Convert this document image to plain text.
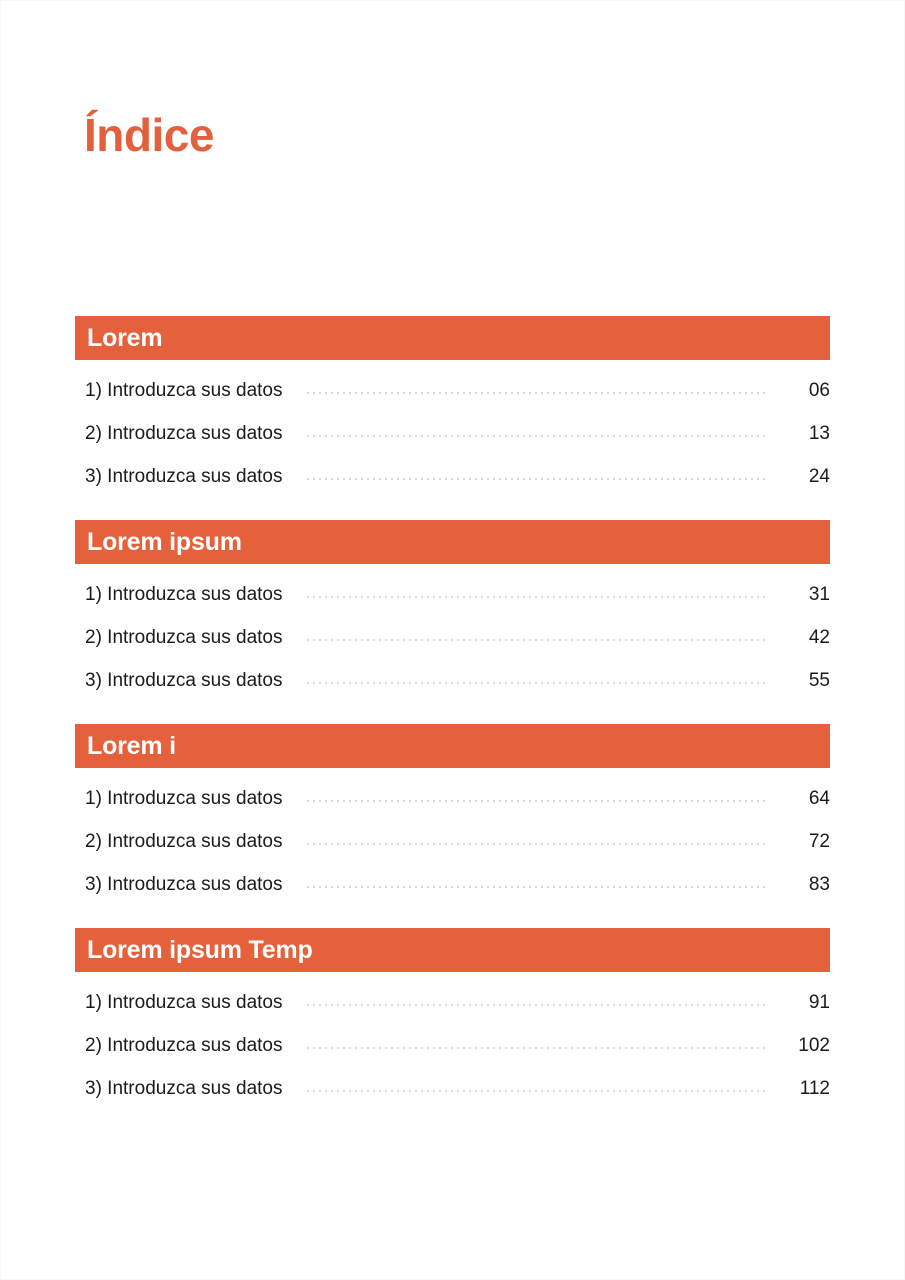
Índice
Lorem
1) Introduzca sus datos	06
2) Introduzca sus datos	13
3) Introduzca sus datos	24
Lorem ipsum
1) Introduzca sus datos	31
2) Introduzca sus datos	42
3) Introduzca sus datos	55
Lorem i
1) Introduzca sus datos	64
2) Introduzca sus datos	72
3) Introduzca sus datos	83
Lorem ipsum Temp
1) Introduzca sus datos	91
2) Introduzca sus datos	102
3) Introduzca sus datos	112
